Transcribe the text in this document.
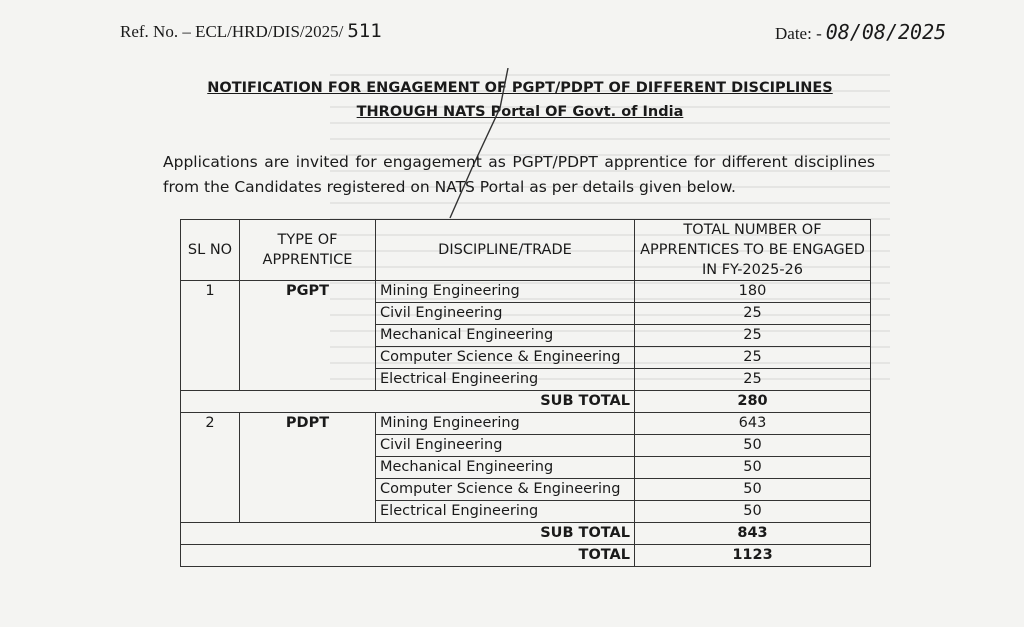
Ref. No. – ECL/HRD/DIS/2025/ 511	Date: - 08/08/2025
NOTIFICATION FOR ENGAGEMENT OF PGPT/PDPT OF DIFFERENT DISCIPLINES
THROUGH NATS Portal OF Govt. of India
Applications are invited for engagement as PGPT/PDPT apprentice for different disciplines from the Candidates registered on NATS Portal as per details given below.
SL NO	TYPE OF APPRENTICE	DISCIPLINE/TRADE	TOTAL NUMBER OF APPRENTICES TO BE ENGAGED IN FY-2025-26
1	PGPT	Mining Engineering	180
		Civil Engineering	25
		Mechanical Engineering	25
		Computer Science & Engineering	25
		Electrical Engineering	25
SUB TOTAL			280
2	PDPT	Mining Engineering	643
		Civil Engineering	50
		Mechanical Engineering	50
		Computer Science & Engineering	50
		Electrical Engineering	50
SUB TOTAL			843
TOTAL			1123
